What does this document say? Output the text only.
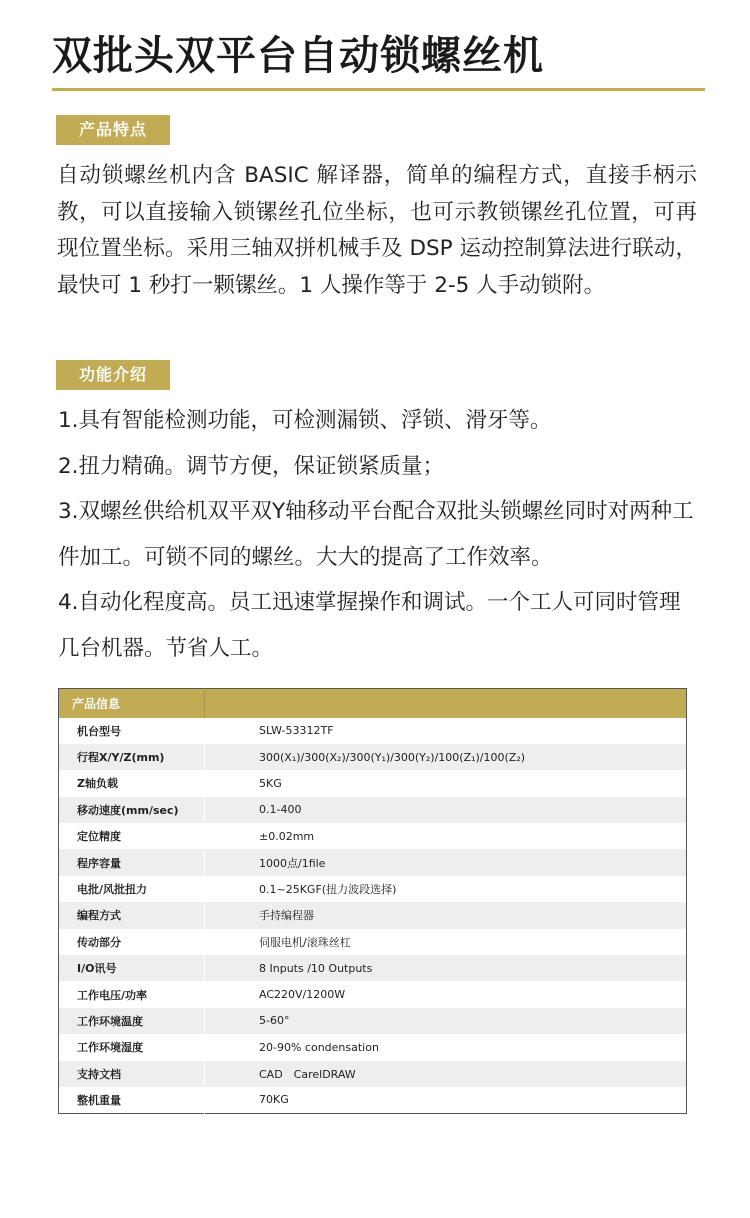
双批头双平台自动锁螺丝机
产品特点

自动锁螺丝机内含 BASIC 解译器，简单的编程方式，直接手柄示教，可以直接输入锁镙丝孔位坐标，也可示教锁镙丝孔位置，可再现位置坐标。采用三轴双拼机械手及 DSP 运动控制算法进行联动，最快可 1 秒打一颗镙丝。1 人操作等于 2-5 人手动锁附。

功能介绍

1.具有智能检测功能，可检测漏锁、浮锁、滑牙等。

2.扭力精确。调节方便，保证锁紧质量；

3.双螺丝供给机双平双Y轴移动平台配合双批头锁螺丝同时对两种工件加工。可锁不同的螺丝。大大的提高了工作效率。

4.自动化程度高。员工迅速掌握操作和调试。一个工人可同时管理几台机器。节省人工。

产品信息	
机台型号	SLW-53312TF
行程X/Y/Z(mm)	300(X₁)/300(X₂)/300(Y₁)/300(Y₂)/100(Z₁)/100(Z₂)
Z轴负载	5KG
移动速度(mm/sec)	0.1-400
定位精度	±0.02mm
程序容量	1000点/1file
电批/风批扭力	0.1~25KGF(扭力波段选择)
编程方式	手持编程器
传动部分	伺服电机/滚珠丝杠
I/O讯号	8 Inputs /10 Outputs
工作电压/功率	AC220V/1200W
工作环境温度	5-60°
工作环境湿度	20-90% condensation
支持文档	CAD　CarelDRAW
整机重量	70KG
